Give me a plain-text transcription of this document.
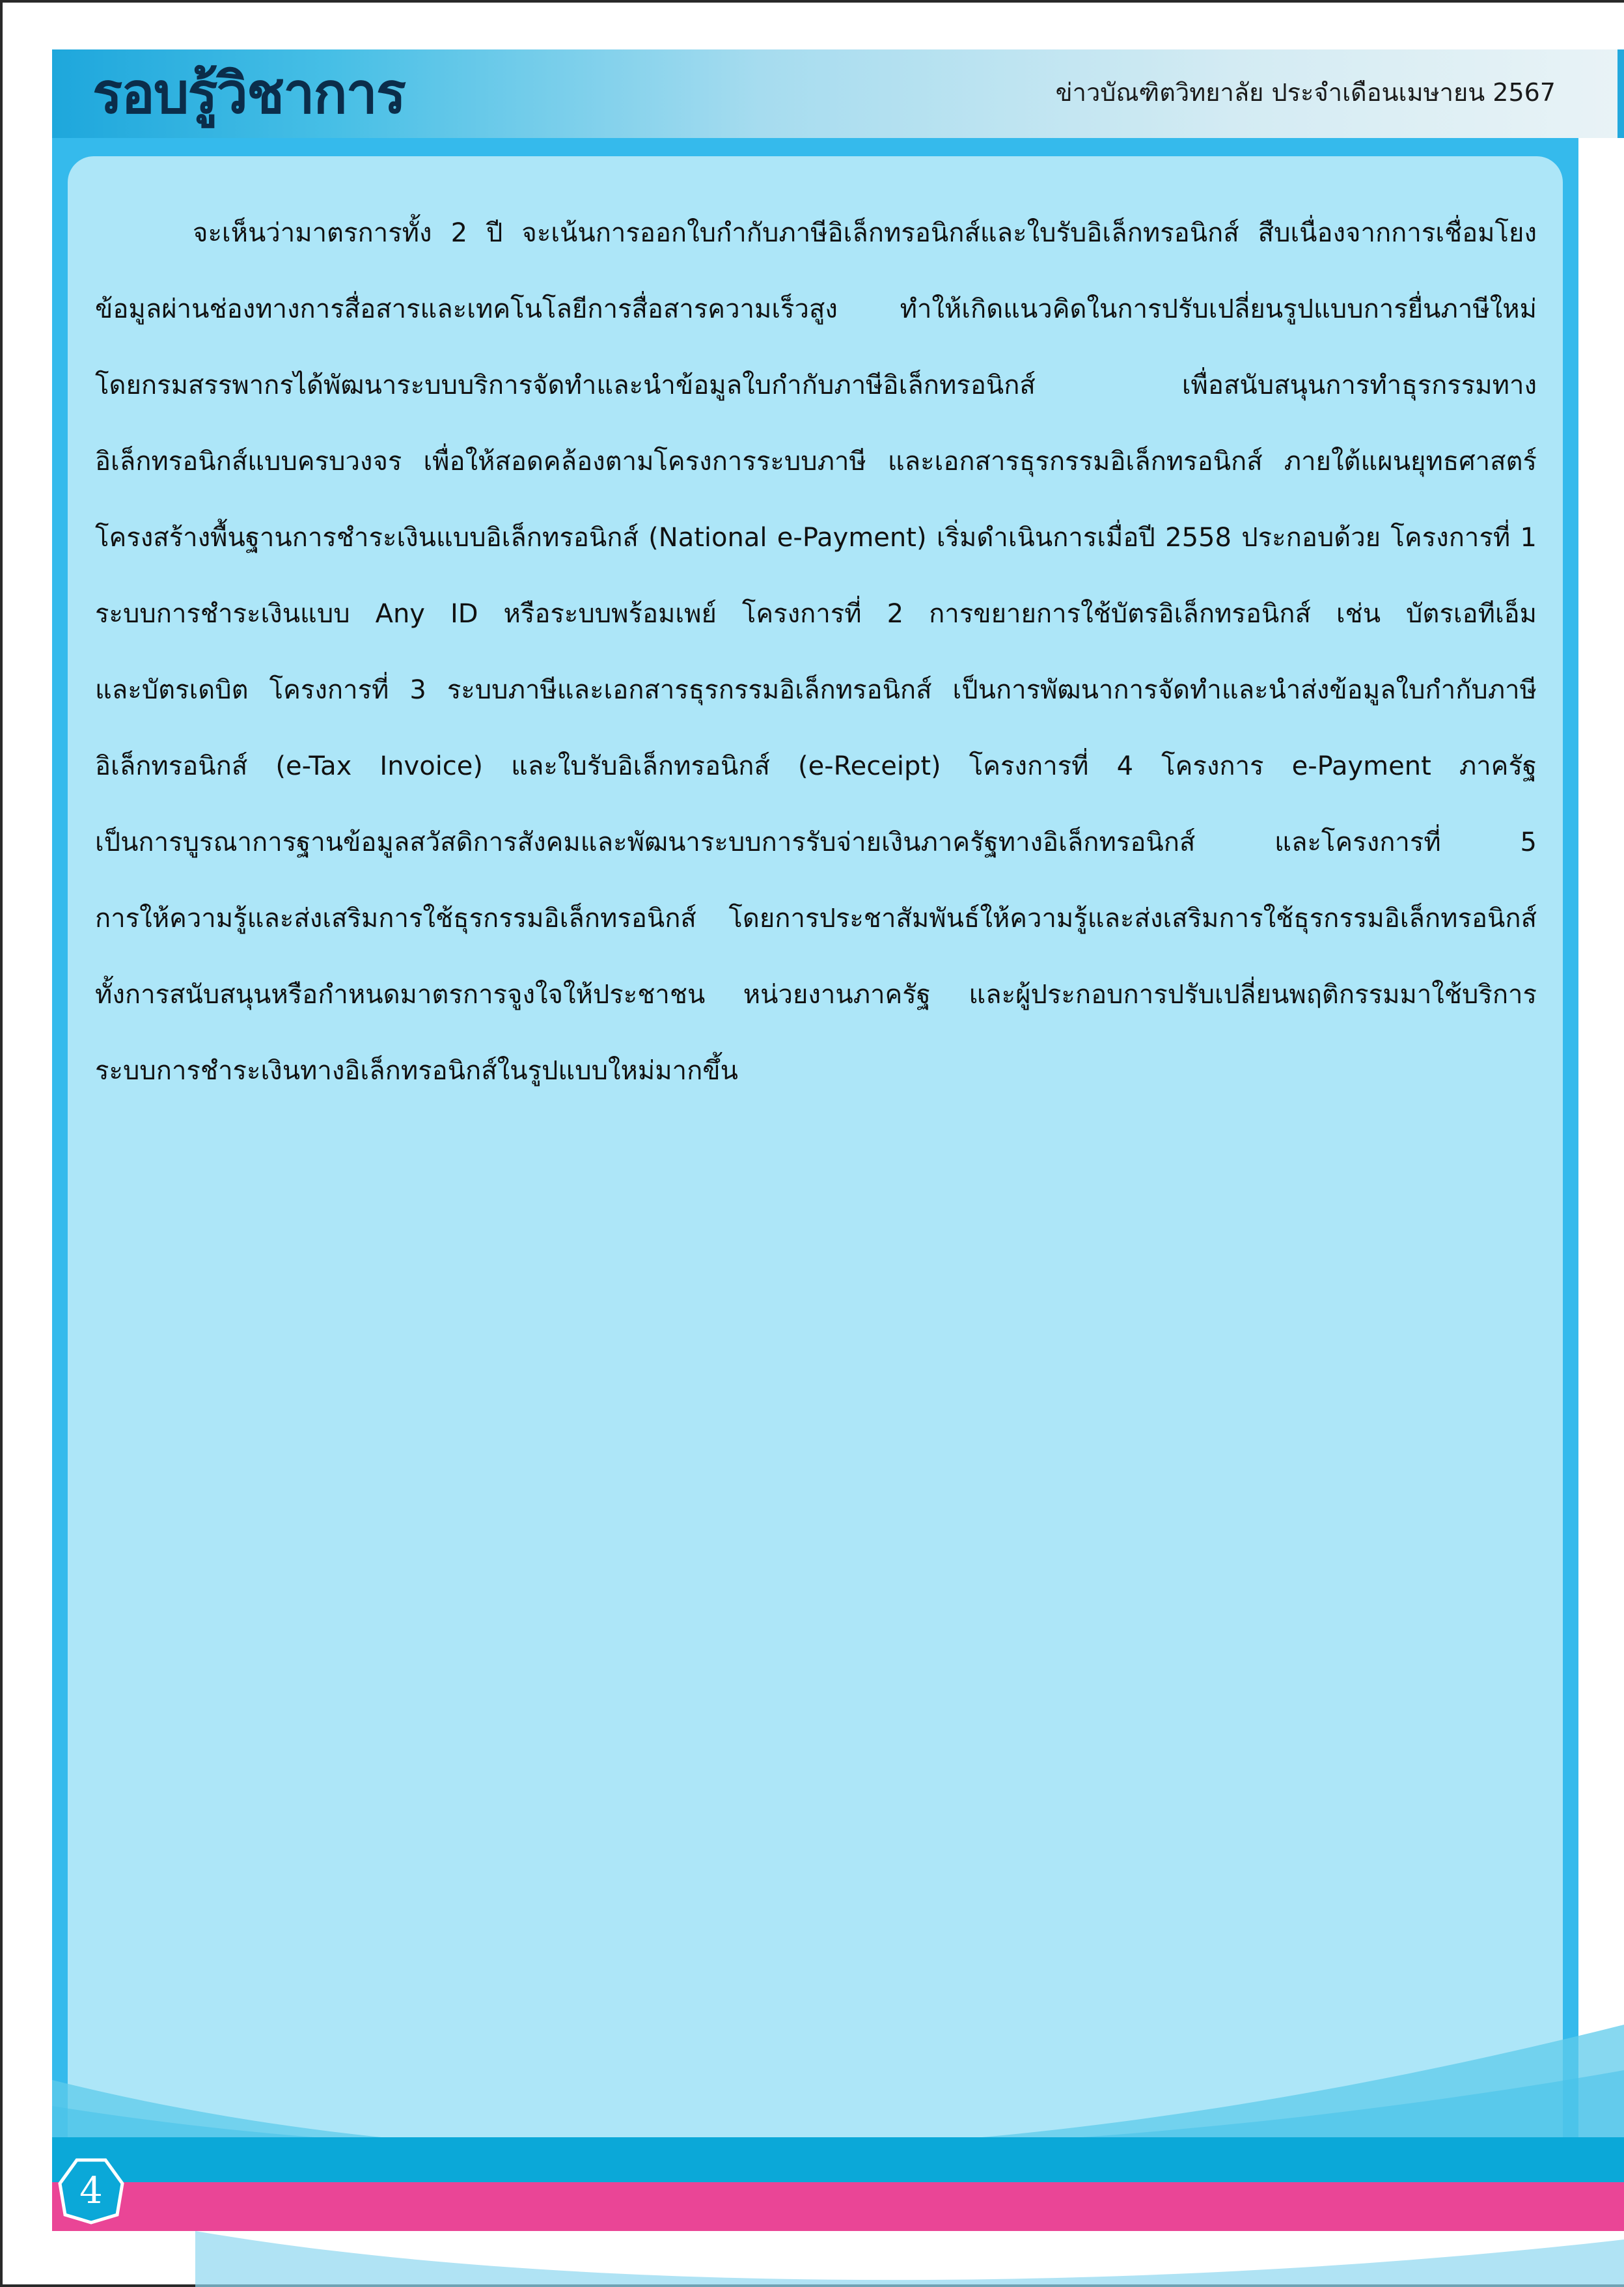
รอบรู้วิชาการ	ข่าวบัณฑิตวิทยาลัย ประจำเดือนเมษายน 2567
จะเห็นว่ามาตรการทั้ง 2 ปี จะเน้นการออกใบกำกับภาษีอิเล็กทรอนิกส์และใบรับอิเล็กทรอนิกส์ สืบเนื่องจากการเชื่อมโยง
ข้อมูลผ่านช่องทางการสื่อสารและเทคโนโลยีการสื่อสารความเร็วสูง ทำให้เกิดแนวคิดในการปรับเปลี่ยนรูปแบบการยื่นภาษีใหม่
โดยกรมสรรพากรได้พัฒนาระบบบริการจัดทำและนำข้อมูลใบกำกับภาษีอิเล็กทรอนิกส์ เพื่อสนับสนุนการทำธุรกรรมทาง
อิเล็กทรอนิกส์แบบครบวงจร เพื่อให้สอดคล้องตามโครงการระบบภาษี และเอกสารธุรกรรมอิเล็กทรอนิกส์ ภายใต้แผนยุทธศาสตร์
โครงสร้างพื้นฐานการชำระเงินแบบอิเล็กทรอนิกส์ (National e-Payment) เริ่มดำเนินการเมื่อปี 2558 ประกอบด้วย โครงการที่ 1
ระบบการชำระเงินแบบ Any ID หรือระบบพร้อมเพย์ โครงการที่ 2 การขยายการใช้บัตรอิเล็กทรอนิกส์ เช่น บัตรเอทีเอ็ม
และบัตรเดบิต โครงการที่ 3 ระบบภาษีและเอกสารธุรกรรมอิเล็กทรอนิกส์ เป็นการพัฒนาการจัดทำและนำส่งข้อมูลใบกำกับภาษี
อิเล็กทรอนิกส์ (e-Tax Invoice) และใบรับอิเล็กทรอนิกส์ (e-Receipt) โครงการที่ 4 โครงการ e-Payment ภาครัฐ
เป็นการบูรณาการฐานข้อมูลสวัสดิการสังคมและพัฒนาระบบการรับจ่ายเงินภาครัฐทางอิเล็กทรอนิกส์ และโครงการที่ 5
การให้ความรู้และส่งเสริมการใช้ธุรกรรมอิเล็กทรอนิกส์ โดยการประชาสัมพันธ์ให้ความรู้และส่งเสริมการใช้ธุรกรรมอิเล็กทรอนิกส์
ทั้งการสนับสนุนหรือกำหนดมาตรการจูงใจให้ประชาชน หน่วยงานภาครัฐ และผู้ประกอบการปรับเปลี่ยนพฤติกรรมมาใช้บริการ
ระบบการชำระเงินทางอิเล็กทรอนิกส์ในรูปแบบใหม่มากขึ้น
4
